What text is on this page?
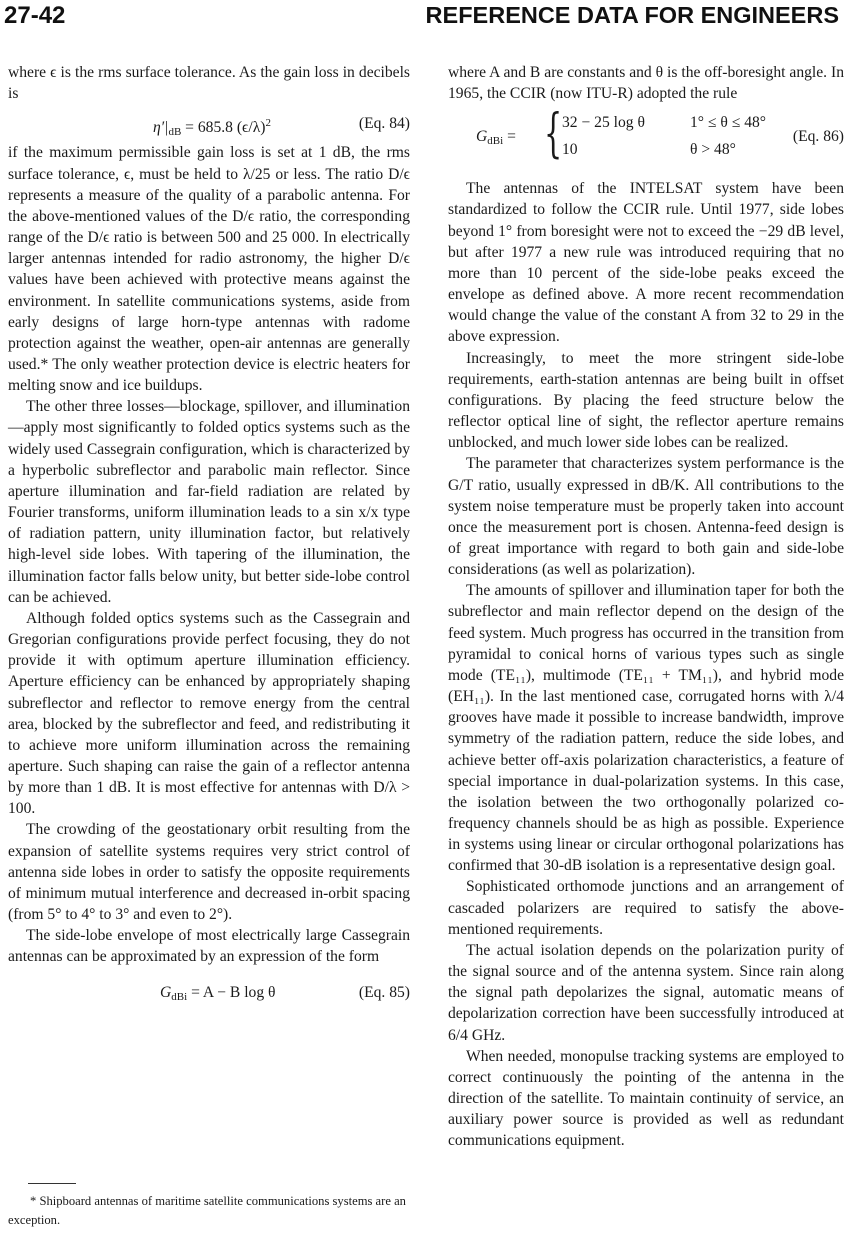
27-42	REFERENCE DATA FOR ENGINEERS

where ϵ is the rms surface tolerance. As the gain loss in decibels is

$\eta'|_{dB} = 685.8$ $(\epsilon/\lambda)^2$	(Eq. 84)

if the maximum permissible gain loss is set at 1 dB, the rms surface tolerance, ϵ, must be held to λ/25 or less. The ratio D/ϵ represents a measure of the quality of a parabolic antenna. For the above-mentioned values of the D/ϵ ratio, the corresponding range of the D/ϵ ratio is between 500 and 25 000. In electrically larger antennas intended for radio astronomy, the higher D/ϵ values have been achieved with protective means against the environment. In satellite communications systems, aside from early designs of large horn-type antennas with radome protection against the weather, open-air antennas are generally used.* The only weather protection device is electric heaters for melting snow and ice buildups.

The other three losses—blockage, spillover, and illumination—apply most significantly to folded optics systems such as the widely used Cassegrain configuration, which is characterized by a hyperbolic subreflector and parabolic main reflector. Since aperture illumination and far-field radiation are related by Fourier transforms, uniform illumination leads to a sin x/x type of radiation pattern, unity illumination factor, but relatively high-level side lobes. With tapering of the illumination, the illumination factor falls below unity, but better side-lobe control can be achieved.

Although folded optics systems such as the Cassegrain and Gregorian configurations provide perfect focusing, they do not provide it with optimum aperture illumination efficiency. Aperture efficiency can be enhanced by appropriately shaping subreflector and reflector to remove energy from the central area, blocked by the subreflector and feed, and redistributing it to achieve more uniform illumination across the remaining aperture. Such shaping can raise the gain of a reflector antenna by more than 1 dB. It is most effective for antennas with D/λ > 100.

The crowding of the geostationary orbit resulting from the expansion of satellite systems requires very strict control of antenna side lobes in order to satisfy the opposite requirements of minimum mutual interference and decreased in-orbit spacing (from 5° to 4° to 3° and even to 2°).

The side-lobe envelope of most electrically large Cassegrain antennas can be approximated by an expression of the form

$G_{dBi} = A - B$ log θ	(Eq. 85)

where A and B are constants and θ is the off-boresight angle. In 1965, the CCIR (now ITU-R) adopted the rule

$G_{dBi}$ = { 32 − 25 log θ	1° ≤ θ ≤ 48°
10	θ > 48°
(Eq. 86)

The antennas of the INTELSAT system have been standardized to follow the CCIR rule. Until 1977, side lobes beyond 1° from boresight were not to exceed the −29 dB level, but after 1977 a new rule was introduced requiring that no more than 10 percent of the side-lobe peaks exceed the envelope as defined above. A more recent recommendation would change the value of the constant A from 32 to 29 in the above expression.

Increasingly, to meet the more stringent side-lobe requirements, earth-station antennas are being built in offset configurations. By placing the feed structure below the reflector optical line of sight, the reflector aperture remains unblocked, and much lower side lobes can be realized.

The parameter that characterizes system performance is the G/T ratio, usually expressed in dB/K. All contributions to the system noise temperature must be properly taken into account once the measurement port is chosen. Antenna-feed design is of great importance with regard to both gain and side-lobe considerations (as well as polarization).

The amounts of spillover and illumination taper for both the subreflector and main reflector depend on the design of the feed system. Much progress has occurred in the transition from pyramidal to conical horns of various types such as single mode (TE₁₁), multimode (TE₁₁ + TM₁₁), and hybrid mode (EH₁₁). In the last mentioned case, corrugated horns with λ/4 grooves have made it possible to increase bandwidth, improve symmetry of the radiation pattern, reduce the side lobes, and achieve better off-axis polarization characteristics, a feature of special importance in dual-polarization systems. In this case, the isolation between the two orthogonally polarized co-frequency channels should be as high as possible. Experience in systems using linear or circular orthogonal polarizations has confirmed that 30-dB isolation is a representative design goal.

Sophisticated orthomode junctions and an arrangement of cascaded polarizers are required to satisfy the above-mentioned requirements.

The actual isolation depends on the polarization purity of the signal source and of the antenna system. Since rain along the signal path depolarizes the signal, automatic means of depolarization correction have been successfully introduced at 6/4 GHz.

When needed, monopulse tracking systems are employed to correct continuously the pointing of the antenna in the direction of the satellite. To maintain continuity of service, an auxiliary power source is provided as well as redundant communications equipment.

* Shipboard antennas of maritime satellite communications systems are an exception.
